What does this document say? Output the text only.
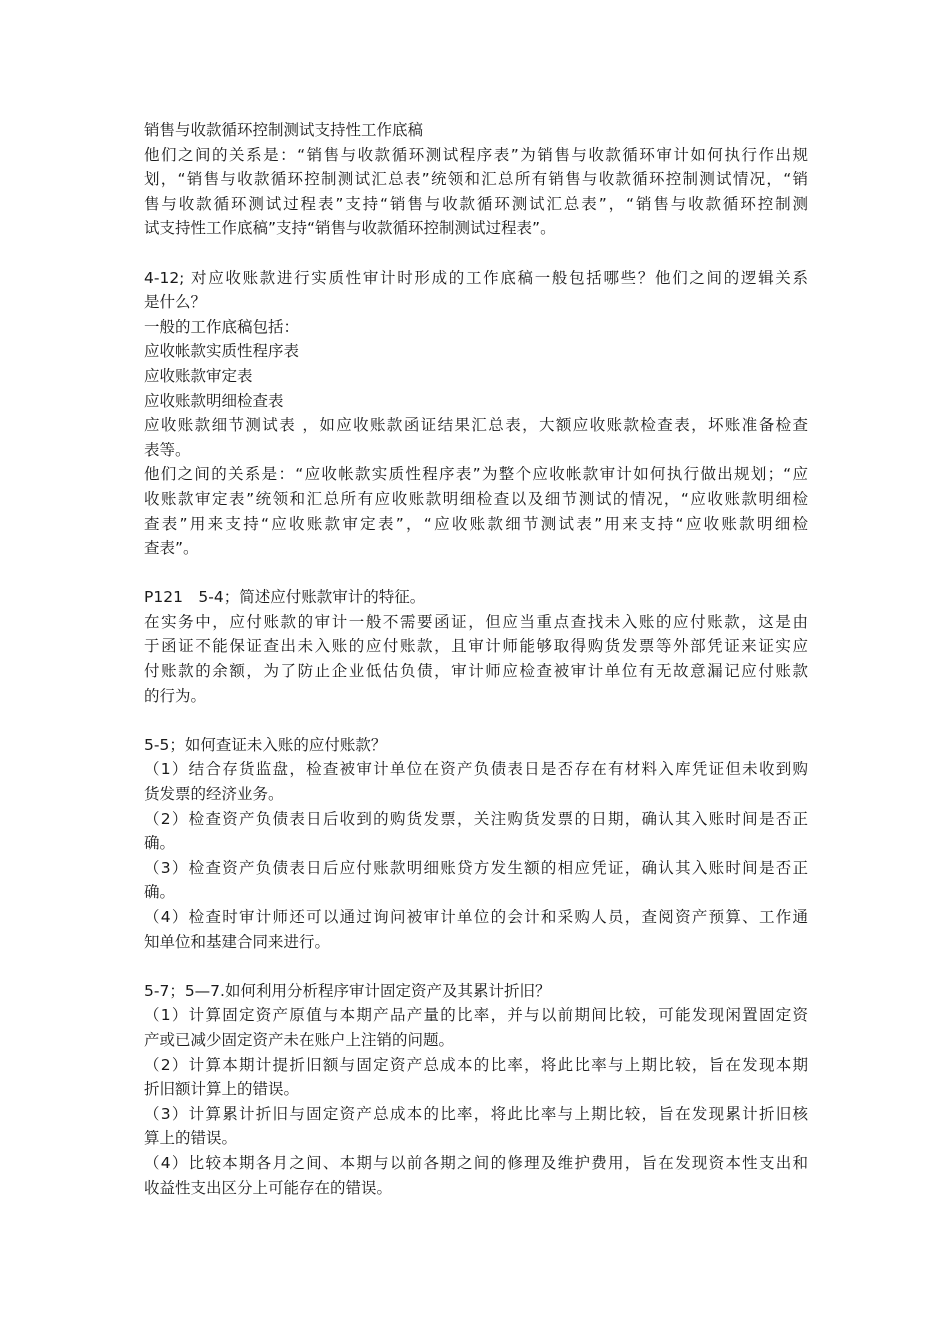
销售与收款循环控制测试支持性工作底稿
他们之间的关系是：“销售与收款循环测试程序表”为销售与收款循环审计如何执行作出规
划，“销售与收款循环控制测试汇总表”统领和汇总所有销售与收款循环控制测试情况，“销
售与收款循环测试过程表”支持“销售与收款循环测试汇总表”，“销售与收款循环控制测
试支持性工作底稿”支持“销售与收款循环控制测试过程表”。
4-12; 对应收账款进行实质性审计时形成的工作底稿一般包括哪些？他们之间的逻辑关系
是什么？
一般的工作底稿包括：
应收帐款实质性程序表
应收账款审定表
应收账款明细检查表
应收账款细节测试表 ，如应收账款函证结果汇总表，大额应收账款检查表，坏账准备检查
表等。
他们之间的关系是：“应收帐款实质性程序表”为整个应收帐款审计如何执行做出规划；“应
收账款审定表”统领和汇总所有应收账款明细检查以及细节测试的情况，“应收账款明细检
查表”用来支持“应收账款审定表”，“应收账款细节测试表”用来支持“应收账款明细检
查表”。
P121　5-4；简述应付账款审计的特征。
在实务中，应付账款的审计一般不需要函证，但应当重点查找未入账的应付账款，这是由
于函证不能保证查出未入账的应付账款，且审计师能够取得购货发票等外部凭证来证实应
付账款的余额，为了防止企业低估负债，审计师应检查被审计单位有无故意漏记应付账款
的行为。
5-5；如何查证未入账的应付账款？
（1）结合存货监盘，检查被审计单位在资产负债表日是否存在有材料入库凭证但未收到购
货发票的经济业务。
（2）检查资产负债表日后收到的购货发票，关注购货发票的日期，确认其入账时间是否正
确。
（3）检查资产负债表日后应付账款明细账贷方发生额的相应凭证，确认其入账时间是否正
确。
（4）检查时审计师还可以通过询问被审计单位的会计和采购人员，查阅资产预算、工作通
知单位和基建合同来进行。
5-7；5—7.如何利用分析程序审计固定资产及其累计折旧？
（1）计算固定资产原值与本期产品产量的比率，并与以前期间比较，可能发现闲置固定资
产或已减少固定资产未在账户上注销的问题。
（2）计算本期计提折旧额与固定资产总成本的比率，将此比率与上期比较，旨在发现本期
折旧额计算上的错误。
（3）计算累计折旧与固定资产总成本的比率，将此比率与上期比较，旨在发现累计折旧核
算上的错误。
（4）比较本期各月之间、本期与以前各期之间的修理及维护费用，旨在发现资本性支出和
收益性支出区分上可能存在的错误。
